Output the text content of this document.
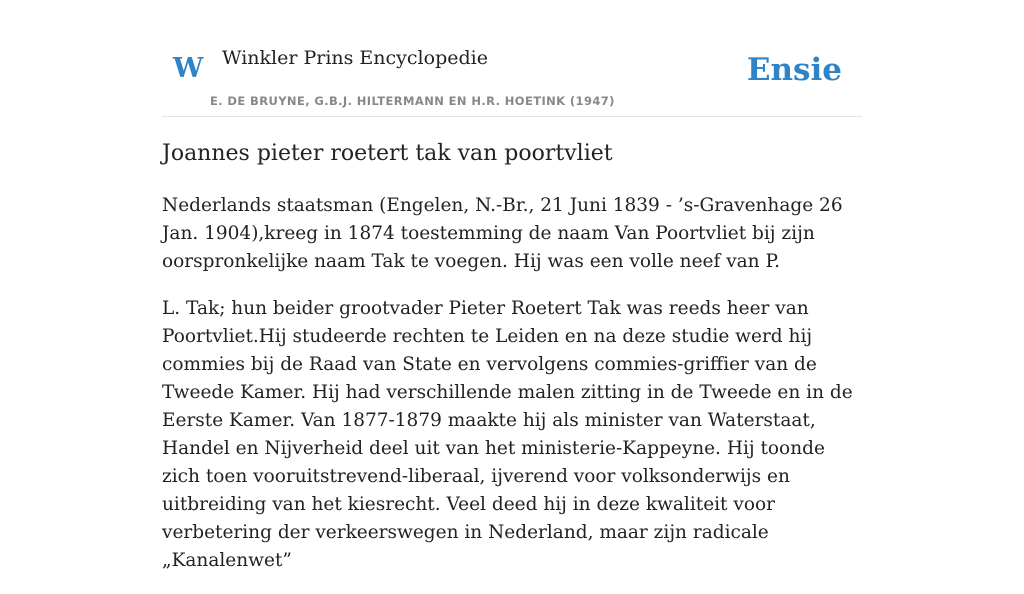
W Winkler Prins Encyclopedie
E. DE BRUYNE, G.B.J. HILTERMANN EN H.R. HOETINK (1947)
Ensie
Joannes pieter roetert tak van poortvliet

Nederlands staatsman (Engelen, N.-Br., 21 Juni 1839 - ’s-Gravenhage 26 Jan. 1904),kreeg in 1874 toestemming de naam Van Poortvliet bij zijn oorspronkelijke naam Tak te voegen. Hij was een volle neef van P.

L. Tak; hun beider grootvader Pieter Roetert Tak was reeds heer van Poortvliet.Hij studeerde rechten te Leiden en na deze studie werd hij commies bij de Raad van State en vervolgens commies-griffier van de Tweede Kamer. Hij had verschillende malen zitting in de Tweede en in de Eerste Kamer. Van 1877-1879 maakte hij als minister van Waterstaat, Handel en Nijverheid deel uit van het ministerie-Kappeyne. Hij toonde zich toen vooruitstrevend-liberaal, ijverend voor volksonderwijs en uitbreiding van het kiesrecht. Veel deed hij in deze kwaliteit voor verbetering der verkeerswegen in Nederland, maar zijn radicale „Kanalenwet”
